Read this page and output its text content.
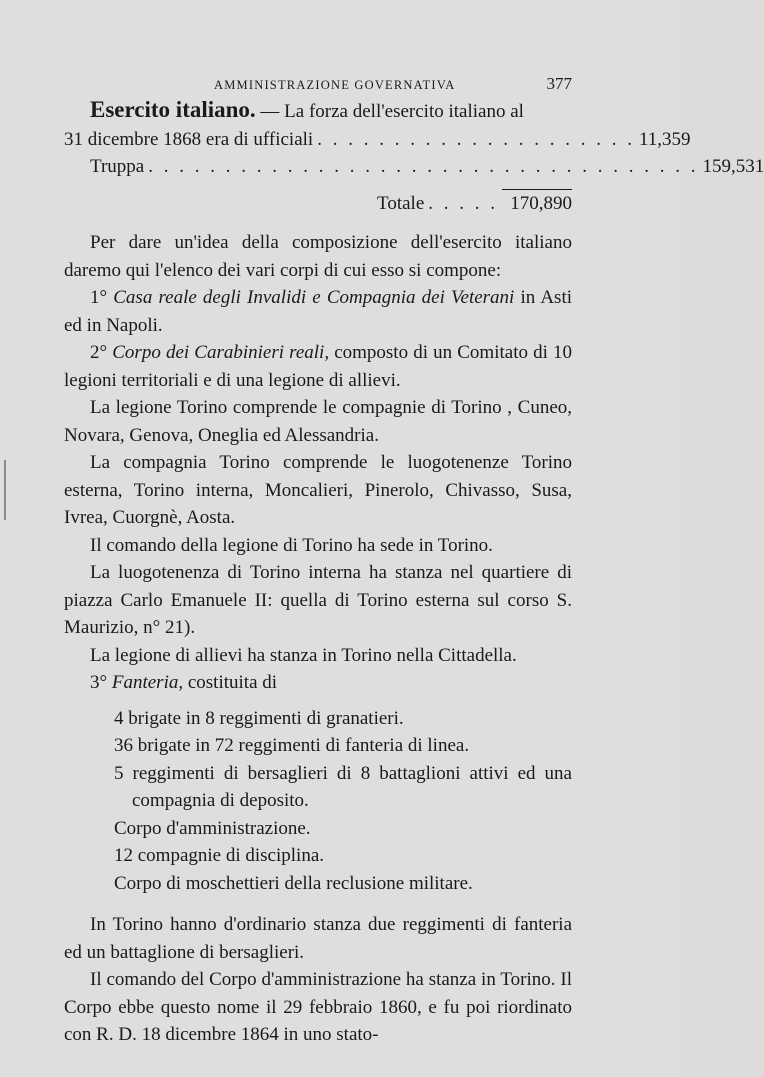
AMMINISTRAZIONE GOVERNATIVA	377

Esercito italiano. — La forza dell'esercito italiano al

31 dicembre 1868 era di ufficiali . . . . . . . . . . . . . . . . . . . . . 11,359
Truppa . . . . . . . . . . . . . . . . . . . . . . . . . . . . . . . . . . . . 159,531
Totale . . . . . 170,890

Per dare un'idea della composizione dell'esercito italiano daremo qui l'elenco dei vari corpi di cui esso si compone:

1° Casa reale degli Invalidi e Compagnia dei Veterani in Asti ed in Napoli.

2° Corpo dei Carabinieri reali, composto di un Comitato di 10 legioni territoriali e di una legione di allievi.

La legione Torino comprende le compagnie di Torino , Cuneo, Novara, Genova, Oneglia ed Alessandria.

La compagnia Torino comprende le luogotenenze Torino esterna, Torino interna, Moncalieri, Pinerolo, Chivasso, Susa, Ivrea, Cuorgnè, Aosta.

Il comando della legione di Torino ha sede in Torino.

La luogotenenza di Torino interna ha stanza nel quartiere di piazza Carlo Emanuele II: quella di Torino esterna sul corso S. Maurizio, n° 21).

La legione di allievi ha stanza in Torino nella Cittadella.

3° Fanteria, costituita di

4 brigate in 8 reggimenti di granatieri.
36 brigate in 72 reggimenti di fanteria di linea.
5 reggimenti di bersaglieri di 8 battaglioni attivi ed una compagnia di deposito.
Corpo d'amministrazione.
12 compagnie di disciplina.
Corpo di moschettieri della reclusione militare.

In Torino hanno d'ordinario stanza due reggimenti di fanteria ed un battaglione di bersaglieri.

Il comando del Corpo d'amministrazione ha stanza in Torino. Il Corpo ebbe questo nome il 29 febbraio 1860, e fu poi riordinato con R. D. 18 dicembre 1864 in uno stato-
